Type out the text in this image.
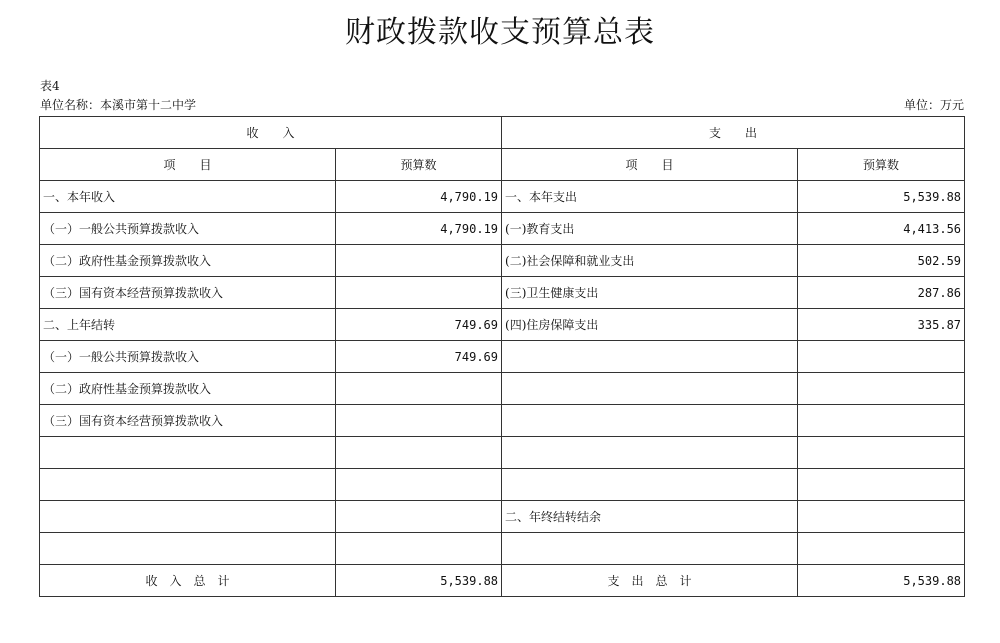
财政拨款收支预算总表
表4
单位名称：本溪市第十二中学	单位：万元
收　　入		支　　出	
项　　目	预算数	项　　目	预算数
一、本年收入	4,790.19	一、本年支出	5,539.88
（一）一般公共预算拨款收入	4,790.19	(一)教育支出	4,413.56
（二）政府性基金预算拨款收入		(二)社会保障和就业支出	502.59
（三）国有资本经营预算拨款收入		(三)卫生健康支出	287.86
二、上年结转	749.69	(四)住房保障支出	335.87
（一）一般公共预算拨款收入	749.69		
（二）政府性基金预算拨款收入			
（三）国有资本经营预算拨款收入			

		二、年终结转结余	

收　入　总　计	5,539.88	支　出　总　计	5,539.88
